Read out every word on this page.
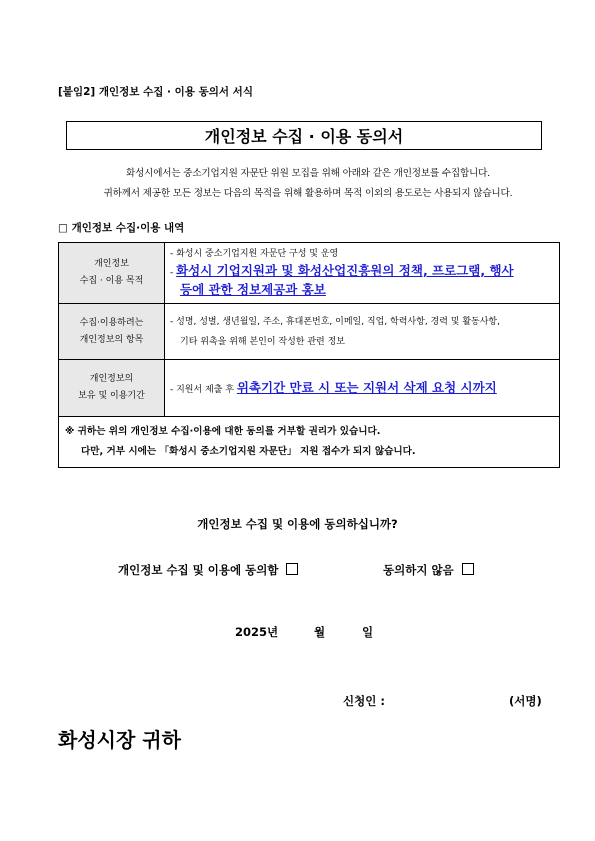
[붙임2] 개인정보 수집 · 이용 동의서 서식
개인정보 수집 · 이용 동의서
화성시에서는 중소기업지원 자문단 위원 모집을 위해 아래와 같은 개인정보를 수집합니다.
귀하께서 제공한 모든 정보는 다음의 목적을 위해 활용하며 목적 이외의 용도로는 사용되지 않습니다.
□ 개인정보 수집·이용 내역
개인정보
수집 · 이용 목적	- 화성시 중소기업지원 자문단 구성 및 운영
- 화성시 기업지원과 및 화성산업진흥원의 정책, 프로그램, 행사
등에 관한 정보제공과 홍보
수집·이용하려는
개인정보의 항목	- 성명, 성별, 생년월일, 주소, 휴대폰번호, 이메일, 직업, 학력사항, 경력 및 활동사항,
기타 위촉을 위해 본인이 작성한 관련 정보
개인정보의
보유 및 이용기간	- 지원서 제출 후 위촉기간 만료 시 또는 지원서 삭제 요청 시까지
※ 귀하는 위의 개인정보 수집·이용에 대한 동의를 거부할 권리가 있습니다.
다만, 거부 시에는 「화성시 중소기업지원 자문단」 지원 접수가 되지 않습니다.	
개인정보 수집 및 이용에 동의하십니까?
개인정보 수집 및 이용에 동의함	동의하지 않음
2025년	월	일
신청인 :	(서명)
화성시장 귀하
